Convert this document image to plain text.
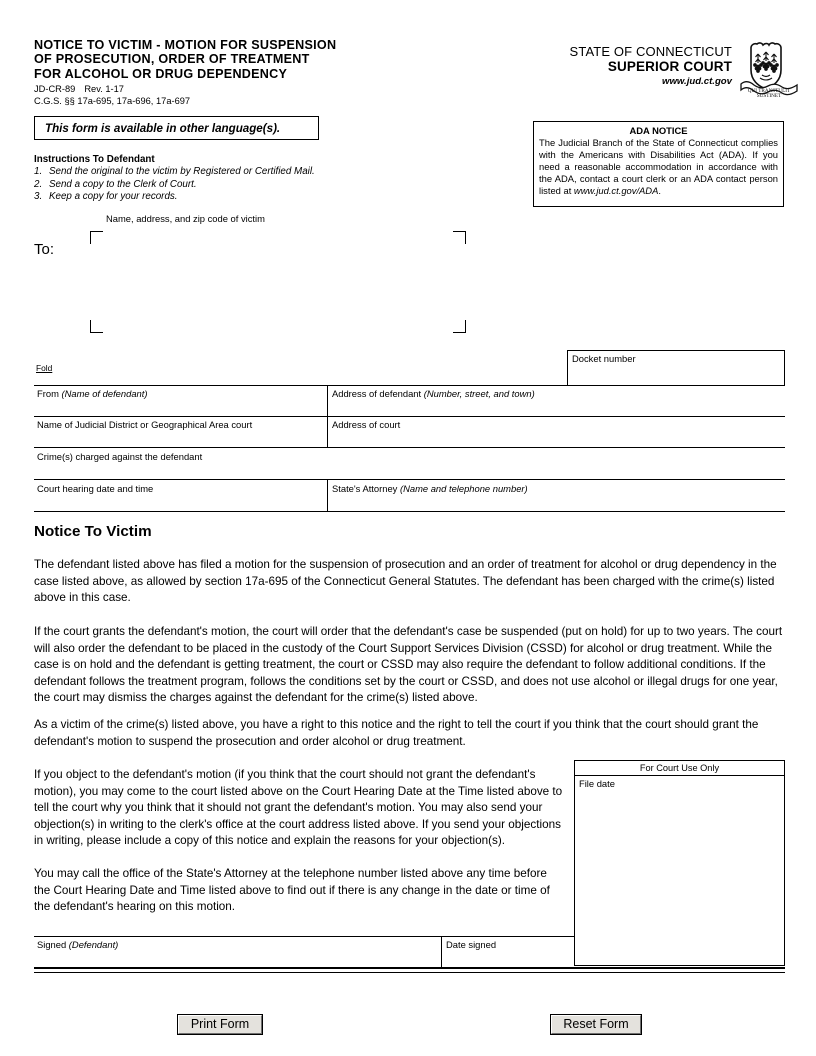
NOTICE TO VICTIM - MOTION FOR SUSPENSION
OF PROSECUTION, ORDER OF TREATMENT
FOR ALCOHOL OR DRUG DEPENDENCY
JD-CR-89 Rev. 1-17
C.G.S. §§ 17a-695, 17a-696, 17a-697
STATE OF CONNECTICUT
SUPERIOR COURT
www.jud.ct.gov
QUI TRANSTULIT
SUSTINET
This form is available in other language(s).	ADA NOTICE
The Judicial Branch of the State of Connecticut complies with the Americans with Disabilities Act (ADA). If you need a reasonable accommodation in accordance with the ADA, contact a court clerk or an ADA contact person listed at www.jud.ct.gov/ADA.
Instructions To Defendant
1. Send the original to the victim by Registered or Certified Mail.
2. Send a copy to the Clerk of Court.
3. Keep a copy for your records.
Name, address, and zip code of victim
To:
Fold
Docket number
From (Name of defendant)	Address of defendant (Number, street, and town)
Name of Judicial District or Geographical Area court	Address of court
Crime(s) charged against the defendant
Court hearing date and time	State's Attorney (Name and telephone number)
Notice To Victim
The defendant listed above has filed a motion for the suspension of prosecution and an order of treatment for alcohol or drug dependency in the case listed above, as allowed by section 17a-695 of the Connecticut General Statutes. The defendant has been charged with the crime(s) listed above in this case.
If the court grants the defendant's motion, the court will order that the defendant's case be suspended (put on hold) for up to two years. The court will also order the defendant to be placed in the custody of the Court Support Services Division (CSSD) for alcohol or drug treatment. While the case is on hold and the defendant is getting treatment, the court or CSSD may also require the defendant to follow additional conditions. If the defendant follows the treatment program, follows the conditions set by the court or CSSD, and does not use alcohol or illegal drugs for one year, the court may dismiss the charges against the defendant for the crime(s) listed above.
As a victim of the crime(s) listed above, you have a right to this notice and the right to tell the court if you think that the court should grant the defendant's motion to suspend the prosecution and order alcohol or drug treatment.
If you object to the defendant's motion (if you think that the court should not grant the defendant's motion), you may come to the court listed above on the Court Hearing Date at the Time listed above to tell the court why you think that it should not grant the defendant's motion. You may also send your objection(s) in writing to the clerk's office at the court address listed above. If you send your objections in writing, please include a copy of this notice and explain the reasons for your objection(s).
You may call the office of the State's Attorney at the telephone number listed above any time before the Court Hearing Date and Time listed above to find out if there is any change in the date or time of the defendant's hearing on this motion.
For Court Use Only
File date
Signed (Defendant)	Date signed
Print Form	Reset Form
